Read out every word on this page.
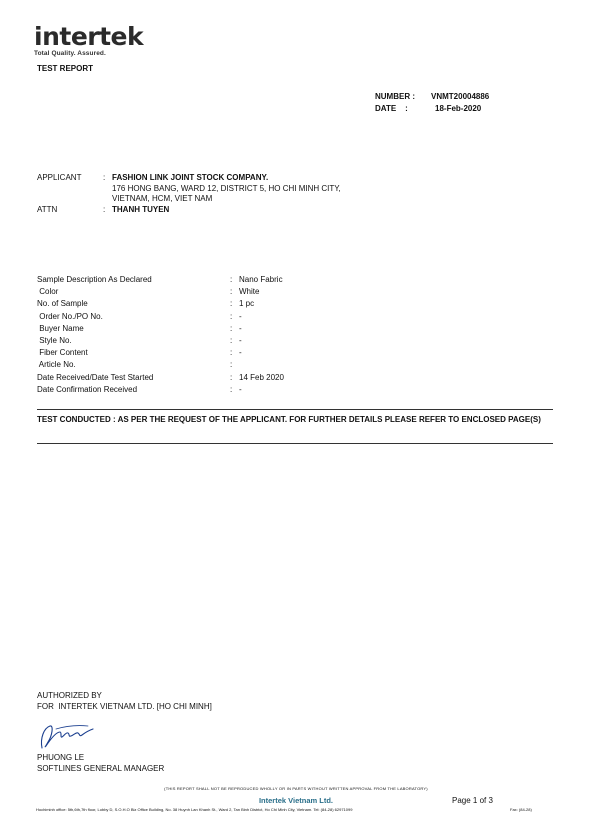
intertek
Total Quality. Assured.
TEST REPORT
NUMBER :	VNMT20004886
DATE    :	18-Feb-2020
APPLICANT	: FASHION LINK JOINT STOCK COMPANY.
176 HONG BANG, WARD 12, DISTRICT 5, HO CHI MINH CITY,
VIETNAM, HCM, VIET NAM
ATTN	: THANH TUYEN
Sample Description As Declared	: Nano Fabric
Color	: White
No. of Sample	: 1 pc
Order No./PO No.	: -
Buyer Name	: -
Style No.	: -
Fiber Content	: -
Article No.	:
Date Received/Date Test Started	: 14 Feb 2020
Date Confirmation Received	: -
TEST CONDUCTED : AS PER THE REQUEST OF THE APPLICANT. FOR FURTHER DETAILS PLEASE REFER TO ENCLOSED PAGE(S)
AUTHORIZED BY
FOR  INTERTEK VIETNAM LTD. [HO CHI MINH]
PHUONG LE
SOFTLINES GENERAL MANAGER
(THIS REPORT SHALL NOT BE REPRODUCED WHOLLY OR IN PARTS WITHOUT WRITTEN APPROVAL FROM THE LABORATORY)
Intertek Vietnam Ltd.	Page 1 of 3
Hochiminh office: 5th,6th,7th floor, Lobby D, S.O.H.O Biz Office Building, No. 38 Huynh Lan Khanh St., Ward 2, Tan Binh District, Ho Chi Minh City, Vietnam. Tel: (84-28) 62971099	Fax: (84-28)
